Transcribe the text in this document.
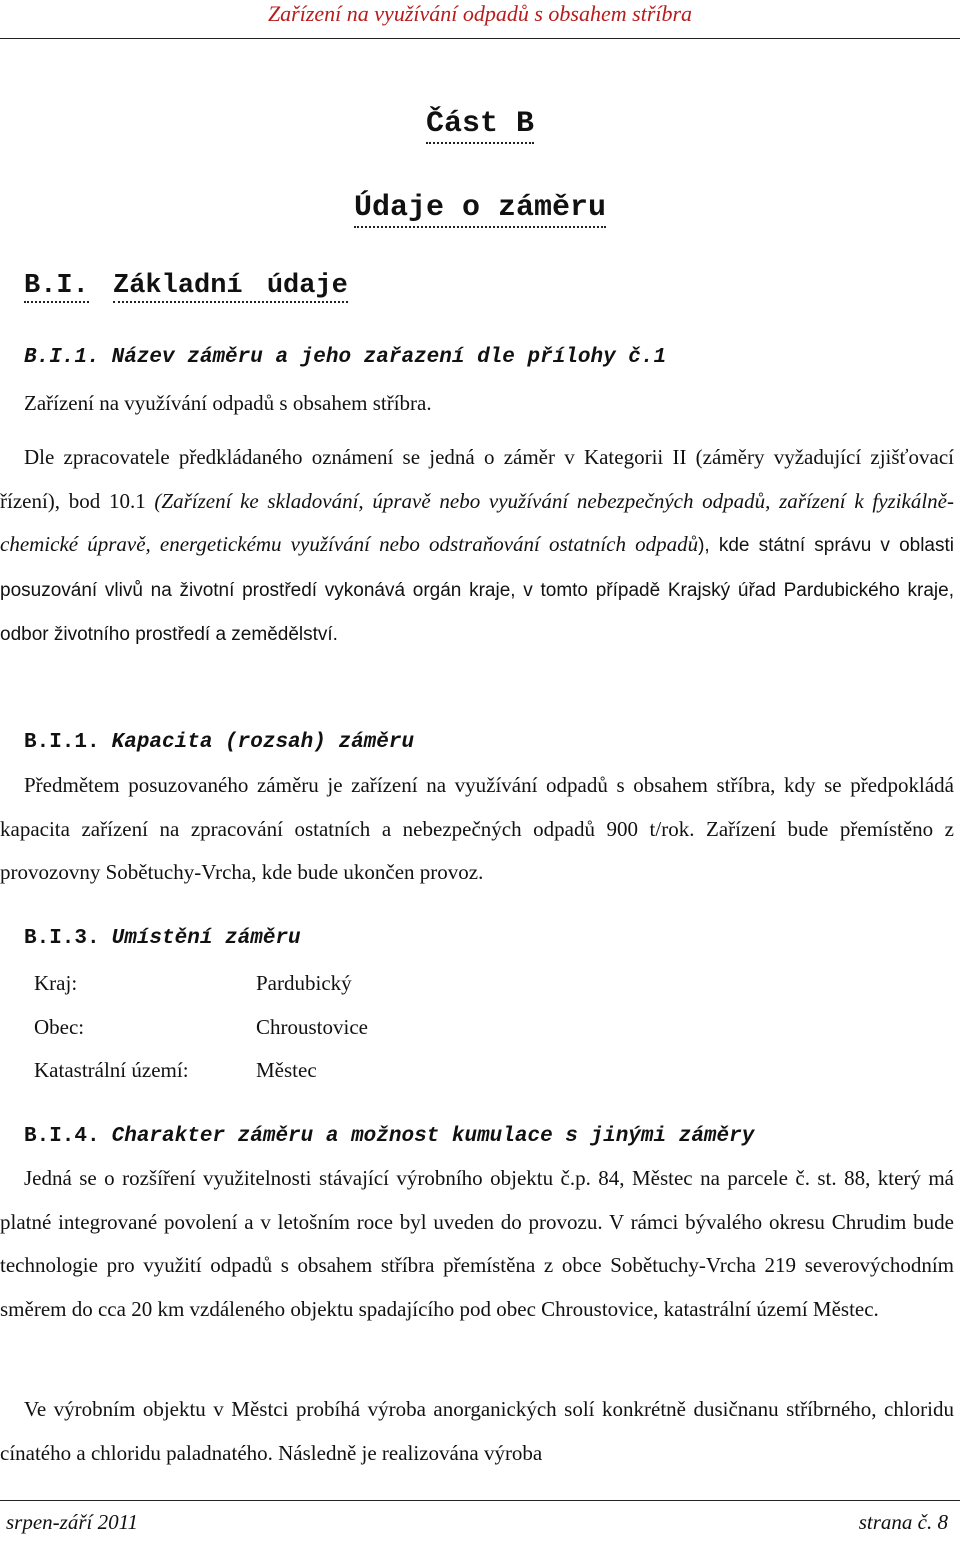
Zařízení na využívání odpadů s obsahem stříbra
Část B
Údaje o záměru
B.I. Základní údaje
B.I.1. Název záměru a jeho zařazení dle přílohy č.1
Zařízení na využívání odpadů s obsahem stříbra.
Dle zpracovatele předkládaného oznámení se jedná o záměr v Kategorii II (záměry vyžadující zjišťovací řízení), bod 10.1 (Zařízení ke skladování, úpravě nebo využívání nebezpečných odpadů, zařízení k fyzikálně-chemické úpravě, energetickému využívání nebo odstraňování ostatních odpadů), kde státní správu v oblasti posuzování vlivů na životní prostředí vykonává orgán kraje, v tomto případě Krajský úřad Pardubického kraje, odbor životního prostředí a zemědělství.
B.I.1. Kapacita (rozsah) záměru
Předmětem posuzovaného záměru je zařízení na využívání odpadů s obsahem stříbra, kdy se předpokládá kapacita zařízení na zpracování ostatních a nebezpečných odpadů 900 t/rok. Zařízení bude přemístěno z provozovny Sobětuchy-Vrcha, kde bude ukončen provoz.
B.I.3. Umístění záměru
Kraj:	Pardubický
Obec:	Chroustovice
Katastrální území:	Městec
B.I.4. Charakter záměru a možnost kumulace s jinými záměry
Jedná se o rozšíření využitelnosti stávající výrobního objektu č.p. 84, Městec na parcele č. st. 88, který má platné integrované povolení a v letošním roce byl uveden do provozu. V rámci bývalého okresu Chrudim bude technologie pro využití odpadů s obsahem stříbra přemístěna z obce Sobětuchy-Vrcha 219 severovýchodním směrem do cca 20 km vzdáleného objektu spadajícího pod obec Chroustovice, katastrální území Městec.
Ve výrobním objektu v Městci probíhá výroba anorganických solí konkrétně dusičnanu stříbrného, chloridu cínatého a chloridu paladnatého. Následně je realizována výroba
srpen-září 2011	strana č. 8
